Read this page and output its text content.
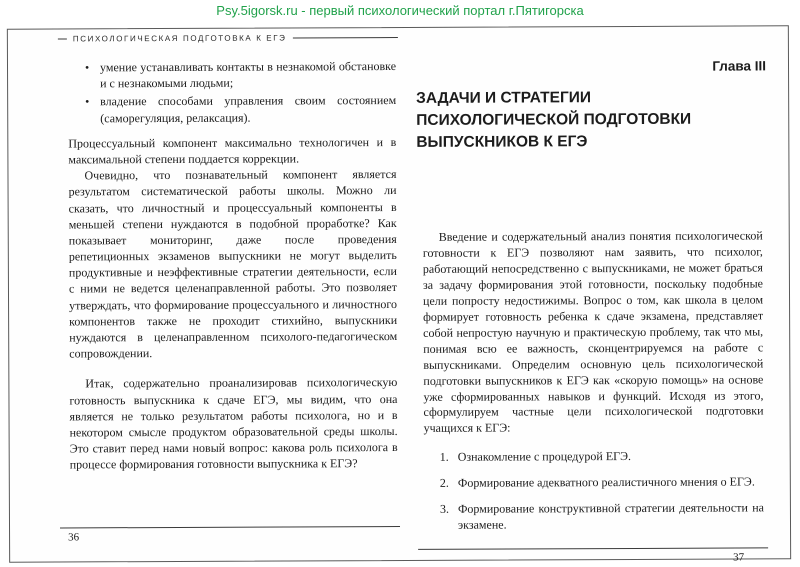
Psy.5igorsk.ru - первый психологический портал г.Пятигорска
ПСИХОЛОГИЧЕСКАЯ ПОДГОТОВКА К ЕГЭ
• умение устанавливать контакты в незнакомой обстановке и с незнакомыми людьми;
• владение способами управления своим состоянием (саморегуляция, релаксация).

Процессуальный компонент максимально технологичен и в максимальной степени поддается коррекции.

Очевидно, что познавательный компонент является результатом систематической работы школы. Можно ли сказать, что личностный и процессуальный компоненты в меньшей степени нуждаются в подобной проработке? Как показывает мониторинг, даже после проведения репетиционных экзаменов выпускники не могут выделить продуктивные и неэффективные стратегии деятельности, если с ними не ведется целенаправленной работы. Это позволяет утверждать, что формирование процессуального и личностного компонентов также не проходит стихийно, выпускники нуждаются в целенаправленном психолого-педагогическом сопровождении.

Итак, содержательно проанализировав психологическую готовность выпускника к сдаче ЕГЭ, мы видим, что она является не только результатом работы психолога, но и в некотором смысле продуктом образовательной среды школы. Это ставит перед нами новый вопрос: какова роль психолога в процессе формирования готовности выпускника к ЕГЭ?

36
Глава III
ЗАДАЧИ И СТРАТЕГИИ
ПСИХОЛОГИЧЕСКОЙ ПОДГОТОВКИ
ВЫПУСКНИКОВ К ЕГЭ

Введение и содержательный анализ понятия психологической готовности к ЕГЭ позволяют нам заявить, что психолог, работающий непосредственно с выпускниками, не может браться за задачу формирования этой готовности, поскольку подобные цели попросту недостижимы. Вопрос о том, как школа в целом формирует готовность ребенка к сдаче экзамена, представляет собой непростую научную и практическую проблему, так что мы, понимая всю ее важность, сконцентрируемся на работе с выпускниками. Определим основную цель психологической подготовки выпускников к ЕГЭ как «скорую помощь» на основе уже сформированных навыков и функций. Исходя из этого, сформулируем частные цели психологической подготовки учащихся к ЕГЭ:

1. Ознакомление с процедурой ЕГЭ.
2. Формирование адекватного реалистичного мнения о ЕГЭ.
3. Формирование конструктивной стратегии деятельности на экзамене.
37
